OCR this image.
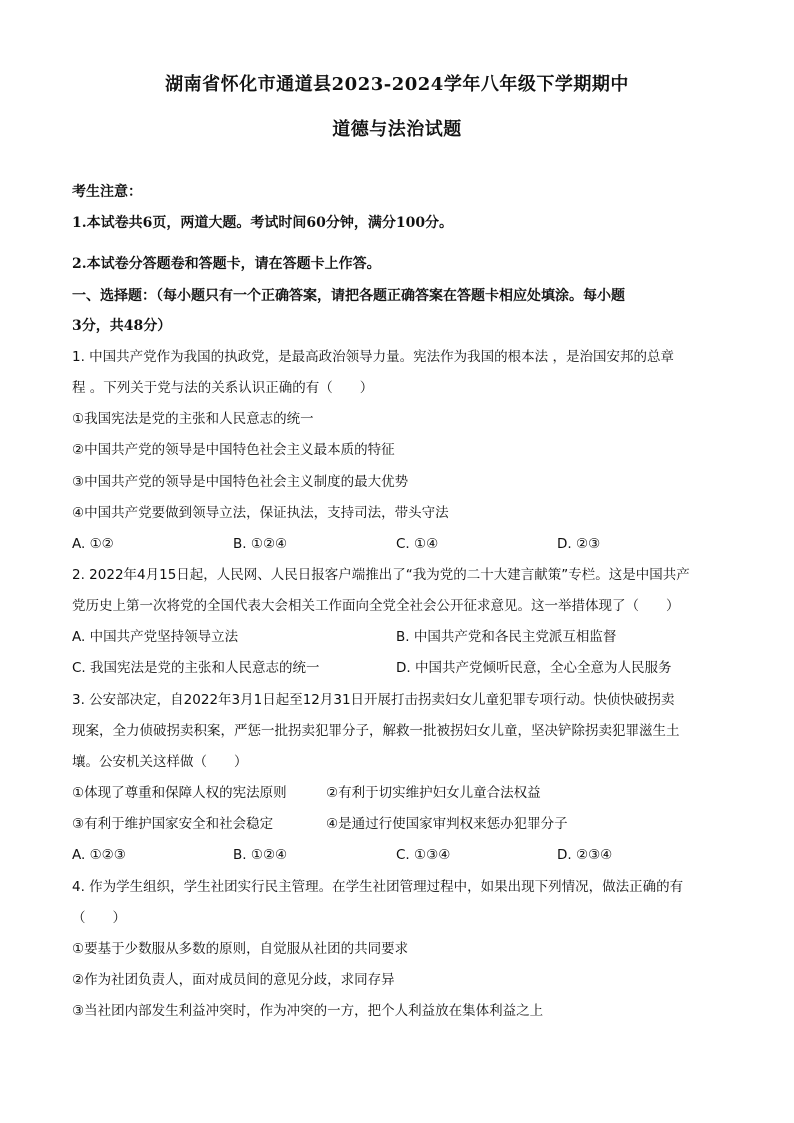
湖南省怀化市通道县2023-2024学年八年级下学期期中
道德与法治试题
考生注意：
1.本试卷共6页，两道大题。考试时间60分钟，满分100分。
2.本试卷分答题卷和答题卡，请在答题卡上作答。
一、选择题：（每小题只有一个正确答案，请把各题正确答案在答题卡相应处填涂。每小题
3分，共48分）
1. 中国共产党作为我国的执政党，是最高政治领导力量。宪法作为我国的根本法 ，是治国安邦的总章
程 。下列关于党与法的关系认识正确的有（　　）
①我国宪法是党的主张和人民意志的统一
②中国共产党的领导是中国特色社会主义最本质的特征
③中国共产党的领导是中国特色社会主义制度的最大优势
④中国共产党要做到领导立法，保证执法，支持司法，带头守法
A. ①②	B. ①②④	C. ①④	D. ②③
2. 2022年4月15日起，人民网、人民日报客户端推出了“我为党的二十大建言献策”专栏。这是中国共产
党历史上第一次将党的全国代表大会相关工作面向全党全社会公开征求意见。这一举措体现了（　　）
A. 中国共产党坚持领导立法	B. 中国共产党和各民主党派互相监督
C. 我国宪法是党的主张和人民意志的统一	D. 中国共产党倾听民意，全心全意为人民服务
3. 公安部决定，自2022年3月1日起至12月31日开展打击拐卖妇女儿童犯罪专项行动。快侦快破拐卖
现案，全力侦破拐卖积案，严惩一批拐卖犯罪分子，解救一批被拐妇女儿童，坚决铲除拐卖犯罪滋生土
壤。公安机关这样做（　　）
①体现了尊重和保障人权的宪法原则	②有利于切实维护妇女儿童合法权益
③有利于维护国家安全和社会稳定	④是通过行使国家审判权来惩办犯罪分子
A. ①②③	B. ①②④	C. ①③④	D. ②③④
4. 作为学生组织，学生社团实行民主管理。在学生社团管理过程中，如果出现下列情况，做法正确的有
（　　）
①要基于少数服从多数的原则，自觉服从社团的共同要求
②作为社团负责人，面对成员间的意见分歧，求同存异
③当社团内部发生利益冲突时，作为冲突的一方，把个人利益放在集体利益之上
